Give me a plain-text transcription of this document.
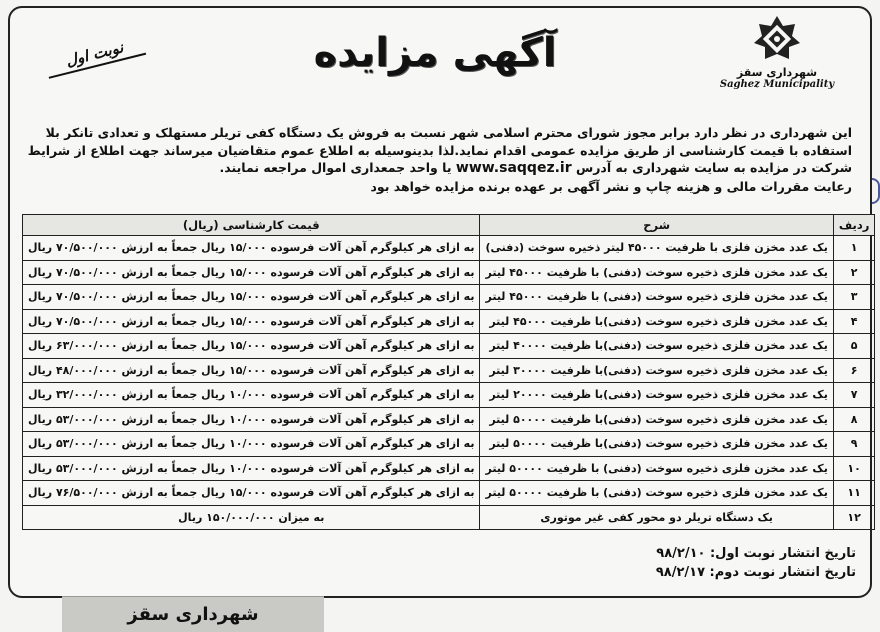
شهرداری سقز
Saghez Municipality
آگهی مزایده
نوبت اول
این شهرداری در نظر دارد برابر مجوز شورای محترم اسلامی شهر نسبت به فروش یک دستگاه کفی تریلر مستهلک و تعدادی تانکر بلا
استفاده با قیمت کارشناسی از طریق مزایده عمومی اقدام نماید.لذا بدینوسیله به اطلاع عموم متقاضیان میرساند جهت اطلاع از شرایط
شرکت در مزایده به سایت شهرداری به آدرس www.saqqez.ir یا واحد جمعداری اموال مراجعه نمایند.
رعایت مقررات مالی و هزینه چاپ و نشر آگهی بر عهده برنده مزایده خواهد بود
ردیف	شرح	قیمت کارشناسی (ریال)
۱	یک عدد مخزن فلزی با ظرفیت ۴۵۰۰۰ لیتر ذخیره سوخت (دفنی)	به ازای هر کیلوگرم آهن آلات فرسوده ۱۵/۰۰۰ ریال جمعاً به ارزش ۷۰/۵۰۰/۰۰۰ ریال
۲	یک عدد مخزن فلزی ذخیره سوخت (دفنی) با ظرفیت ۴۵۰۰۰ لیتر	به ازای هر کیلوگرم آهن آلات فرسوده ۱۵/۰۰۰ ریال جمعاً به ارزش ۷۰/۵۰۰/۰۰۰ ریال
۳	یک عدد مخزن فلزی ذخیره سوخت (دفنی) با ظرفیت ۴۵۰۰۰ لیتر	به ازای هر کیلوگرم آهن آلات فرسوده ۱۵/۰۰۰ ریال جمعاً به ارزش ۷۰/۵۰۰/۰۰۰ ریال
۴	یک عدد مخزن فلزی ذخیره سوخت (دفنی)با ظرفیت ۴۵۰۰۰ لیتر	به ازای هر کیلوگرم آهن آلات فرسوده ۱۵/۰۰۰ ریال جمعاً به ارزش ۷۰/۵۰۰/۰۰۰ ریال
۵	یک عدد مخزن فلزی ذخیره سوخت (دفنی)با ظرفیت ۴۰۰۰۰ لیتر	به ازای هر کیلوگرم آهن آلات فرسوده ۱۵/۰۰۰ ریال جمعاً به ارزش ۶۳/۰۰۰/۰۰۰ ریال
۶	یک عدد مخزن فلزی ذخیره سوخت (دفنی)با ظرفیت ۳۰۰۰۰ لیتر	به ازای هر کیلوگرم آهن آلات فرسوده ۱۵/۰۰۰ ریال جمعاً به ارزش ۴۸/۰۰۰/۰۰۰ ریال
۷	یک عدد مخزن فلزی ذخیره سوخت (دفنی)با ظرفیت ۲۰۰۰۰ لیتر	به ازای هر کیلوگرم آهن آلات فرسوده ۱۰/۰۰۰ ریال جمعاً به ارزش ۳۲/۰۰۰/۰۰۰ ریال
۸	یک عدد مخزن فلزی ذخیره سوخت (دفنی)با ظرفیت ۵۰۰۰۰ لیتر	به ازای هر کیلوگرم آهن آلات فرسوده ۱۰/۰۰۰ ریال جمعاً به ارزش ۵۳/۰۰۰/۰۰۰ ریال
۹	یک عدد مخزن فلزی ذخیره سوخت (دفنی)با ظرفیت ۵۰۰۰۰ لیتر	به ازای هر کیلوگرم آهن آلات فرسوده ۱۰/۰۰۰ ریال جمعاً به ارزش ۵۳/۰۰۰/۰۰۰ ریال
۱۰	یک عدد مخزن فلزی ذخیره سوخت (دفنی) با ظرفیت ۵۰۰۰۰ لیتر	به ازای هر کیلوگرم آهن آلات فرسوده ۱۰/۰۰۰ ریال جمعاً به ارزش ۵۳/۰۰۰/۰۰۰ ریال
۱۱	یک عدد مخزن فلزی ذخیره سوخت (دفنی) با ظرفیت ۵۰۰۰۰ لیتر	به ازای هر کیلوگرم آهن آلات فرسوده ۱۵/۰۰۰ ریال جمعاً به ارزش ۷۶/۵۰۰/۰۰۰ ریال
۱۲	یک دستگاه تریلر دو محور کفی غیر موتوری	به میزان ۱۵۰/۰۰۰/۰۰۰ ریال
تاریخ انتشار نوبت اول: ۹۸/۲/۱۰
تاریخ انتشار نوبت دوم: ۹۸/۲/۱۷
شهرداری سقز
